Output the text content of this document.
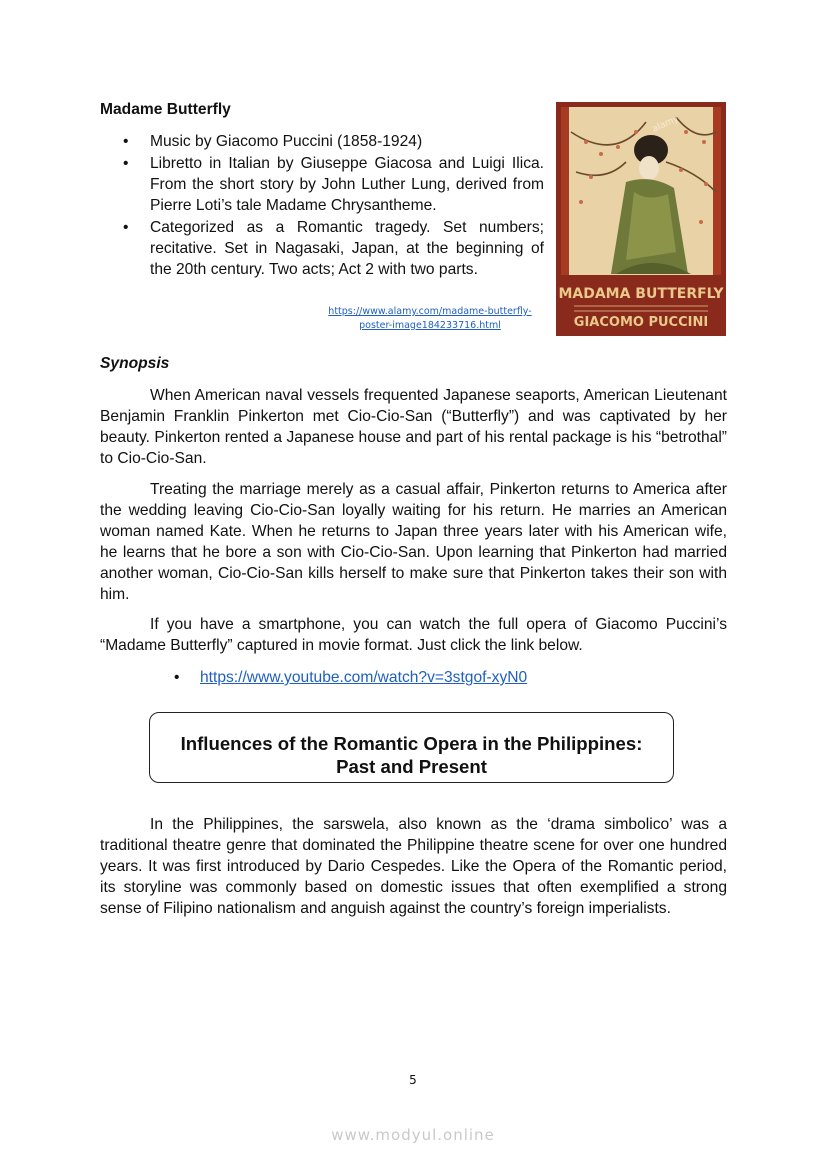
Madame Butterfly
• Music by Giacomo Puccini (1858-1924)
• Libretto in Italian by Giuseppe Giacosa and Luigi Ilica. From the short story by John Luther Lung, derived from Pierre Loti’s tale Madame Chrysantheme.
• Categorized as a Romantic tragedy. Set numbers; recitative. Set in Nagasaki, Japan, at the beginning of the 20th century. Two acts; Act 2 with two parts.
https://www.alamy.com/madame-butterfly-poster-image184233716.html
MADAMA BUTTERFLY
GIACOMO PUCCINI
alamy
Synopsis

When American naval vessels frequented Japanese seaports, American Lieutenant Benjamin Franklin Pinkerton met Cio-Cio-San (“Butterfly”) and was captivated by her beauty. Pinkerton rented a Japanese house and part of his rental package is his “betrothal” to Cio-Cio-San.

Treating the marriage merely as a casual affair, Pinkerton returns to America after the wedding leaving Cio-Cio-San loyally waiting for his return. He marries an American woman named Kate. When he returns to Japan three years later with his American wife, he learns that he bore a son with Cio-Cio-San. Upon learning that Pinkerton had married another woman, Cio-Cio-San kills herself to make sure that Pinkerton takes their son with him.

If you have a smartphone, you can watch the full opera of Giacomo Puccini’s “Madame Butterfly” captured in movie format. Just click the link below.

• https://www.youtube.com/watch?v=3stgof-xyN0
Influences of the Romantic Opera in the Philippines:
Past and Present

In the Philippines, the sarswela, also known as the ‘drama simbolico’ was a traditional theatre genre that dominated the Philippine theatre scene for over one hundred years. It was first introduced by Dario Cespedes. Like the Opera of the Romantic period, its storyline was commonly based on domestic issues that often exemplified a strong sense of Filipino nationalism and anguish against the country’s foreign imperialists.

5
www.modyul.online
